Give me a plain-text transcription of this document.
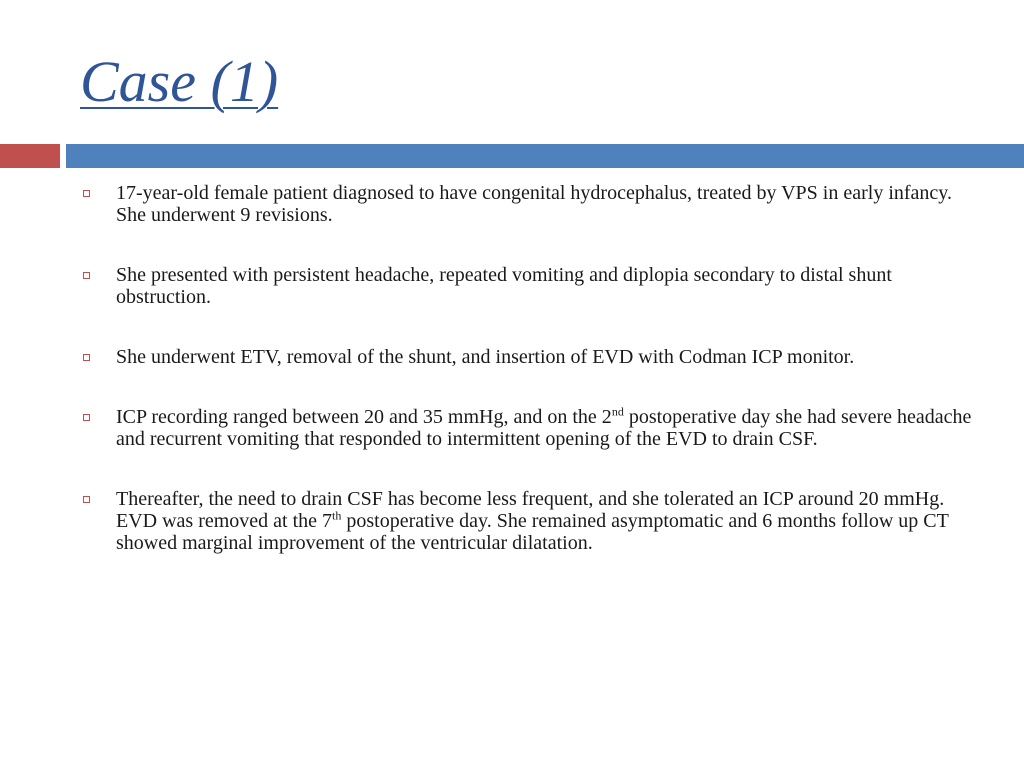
Case (1)
17-year-old female patient diagnosed to have congenital hydrocephalus, treated by VPS in early infancy. She underwent 9 revisions.
She presented with persistent headache, repeated vomiting and diplopia secondary to distal shunt obstruction.
She underwent ETV, removal of the shunt, and insertion of EVD with Codman ICP monitor.
ICP recording ranged between 20 and 35 mmHg, and on the 2nd postoperative day she had severe headache and recurrent vomiting that responded to intermittent opening of the EVD to drain CSF.
Thereafter, the need to drain CSF has become less frequent, and she tolerated an ICP around 20 mmHg. EVD was removed at the 7th postoperative day. She remained asymptomatic and 6 months follow up CT showed marginal improvement of the ventricular dilatation.
